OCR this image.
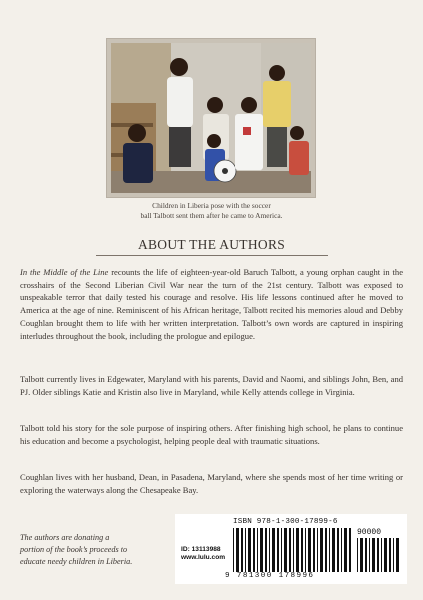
Children in Liberia pose with the soccer
ball Talbott sent them after he came to America.
ABOUT THE AUTHORS
In the Middle of the Line recounts the life of eighteen-year-old Baruch Talbott, a young orphan caught in the crosshairs of the Second Liberian Civil War near the turn of the 21st century. Talbott was exposed to unspeakable terror that daily tested his courage and resolve. His life lessons continued after he moved to America at the age of nine. Reminiscent of his African heritage, Talbott recited his memories aloud and Debby Coughlan brought them to life with her written interpretation. Talbott’s own words are captured in inspiring interludes throughout the book, including the prologue and epilogue.
Talbott currently lives in Edgewater, Maryland with his parents, David and Naomi, and siblings John, Ben, and PJ. Older siblings Katie and Kristin also live in Maryland, while Kelly attends college in Virginia.
Talbott told his story for the sole purpose of inspiring others. After finishing high school, he plans to continue his education and become a psychologist, helping people deal with traumatic situations.
Coughlan lives with her husband, Dean, in Pasadena, Maryland, where she spends most of her time writing or exploring the waterways along the Chesapeake Bay.
The authors are donating a
portion of the book’s proceeds to
educate needy children in Liberia.
ID: 13113988
www.lulu.com
ISBN 978-1-300-17899-6
90000
9 781300 178996
